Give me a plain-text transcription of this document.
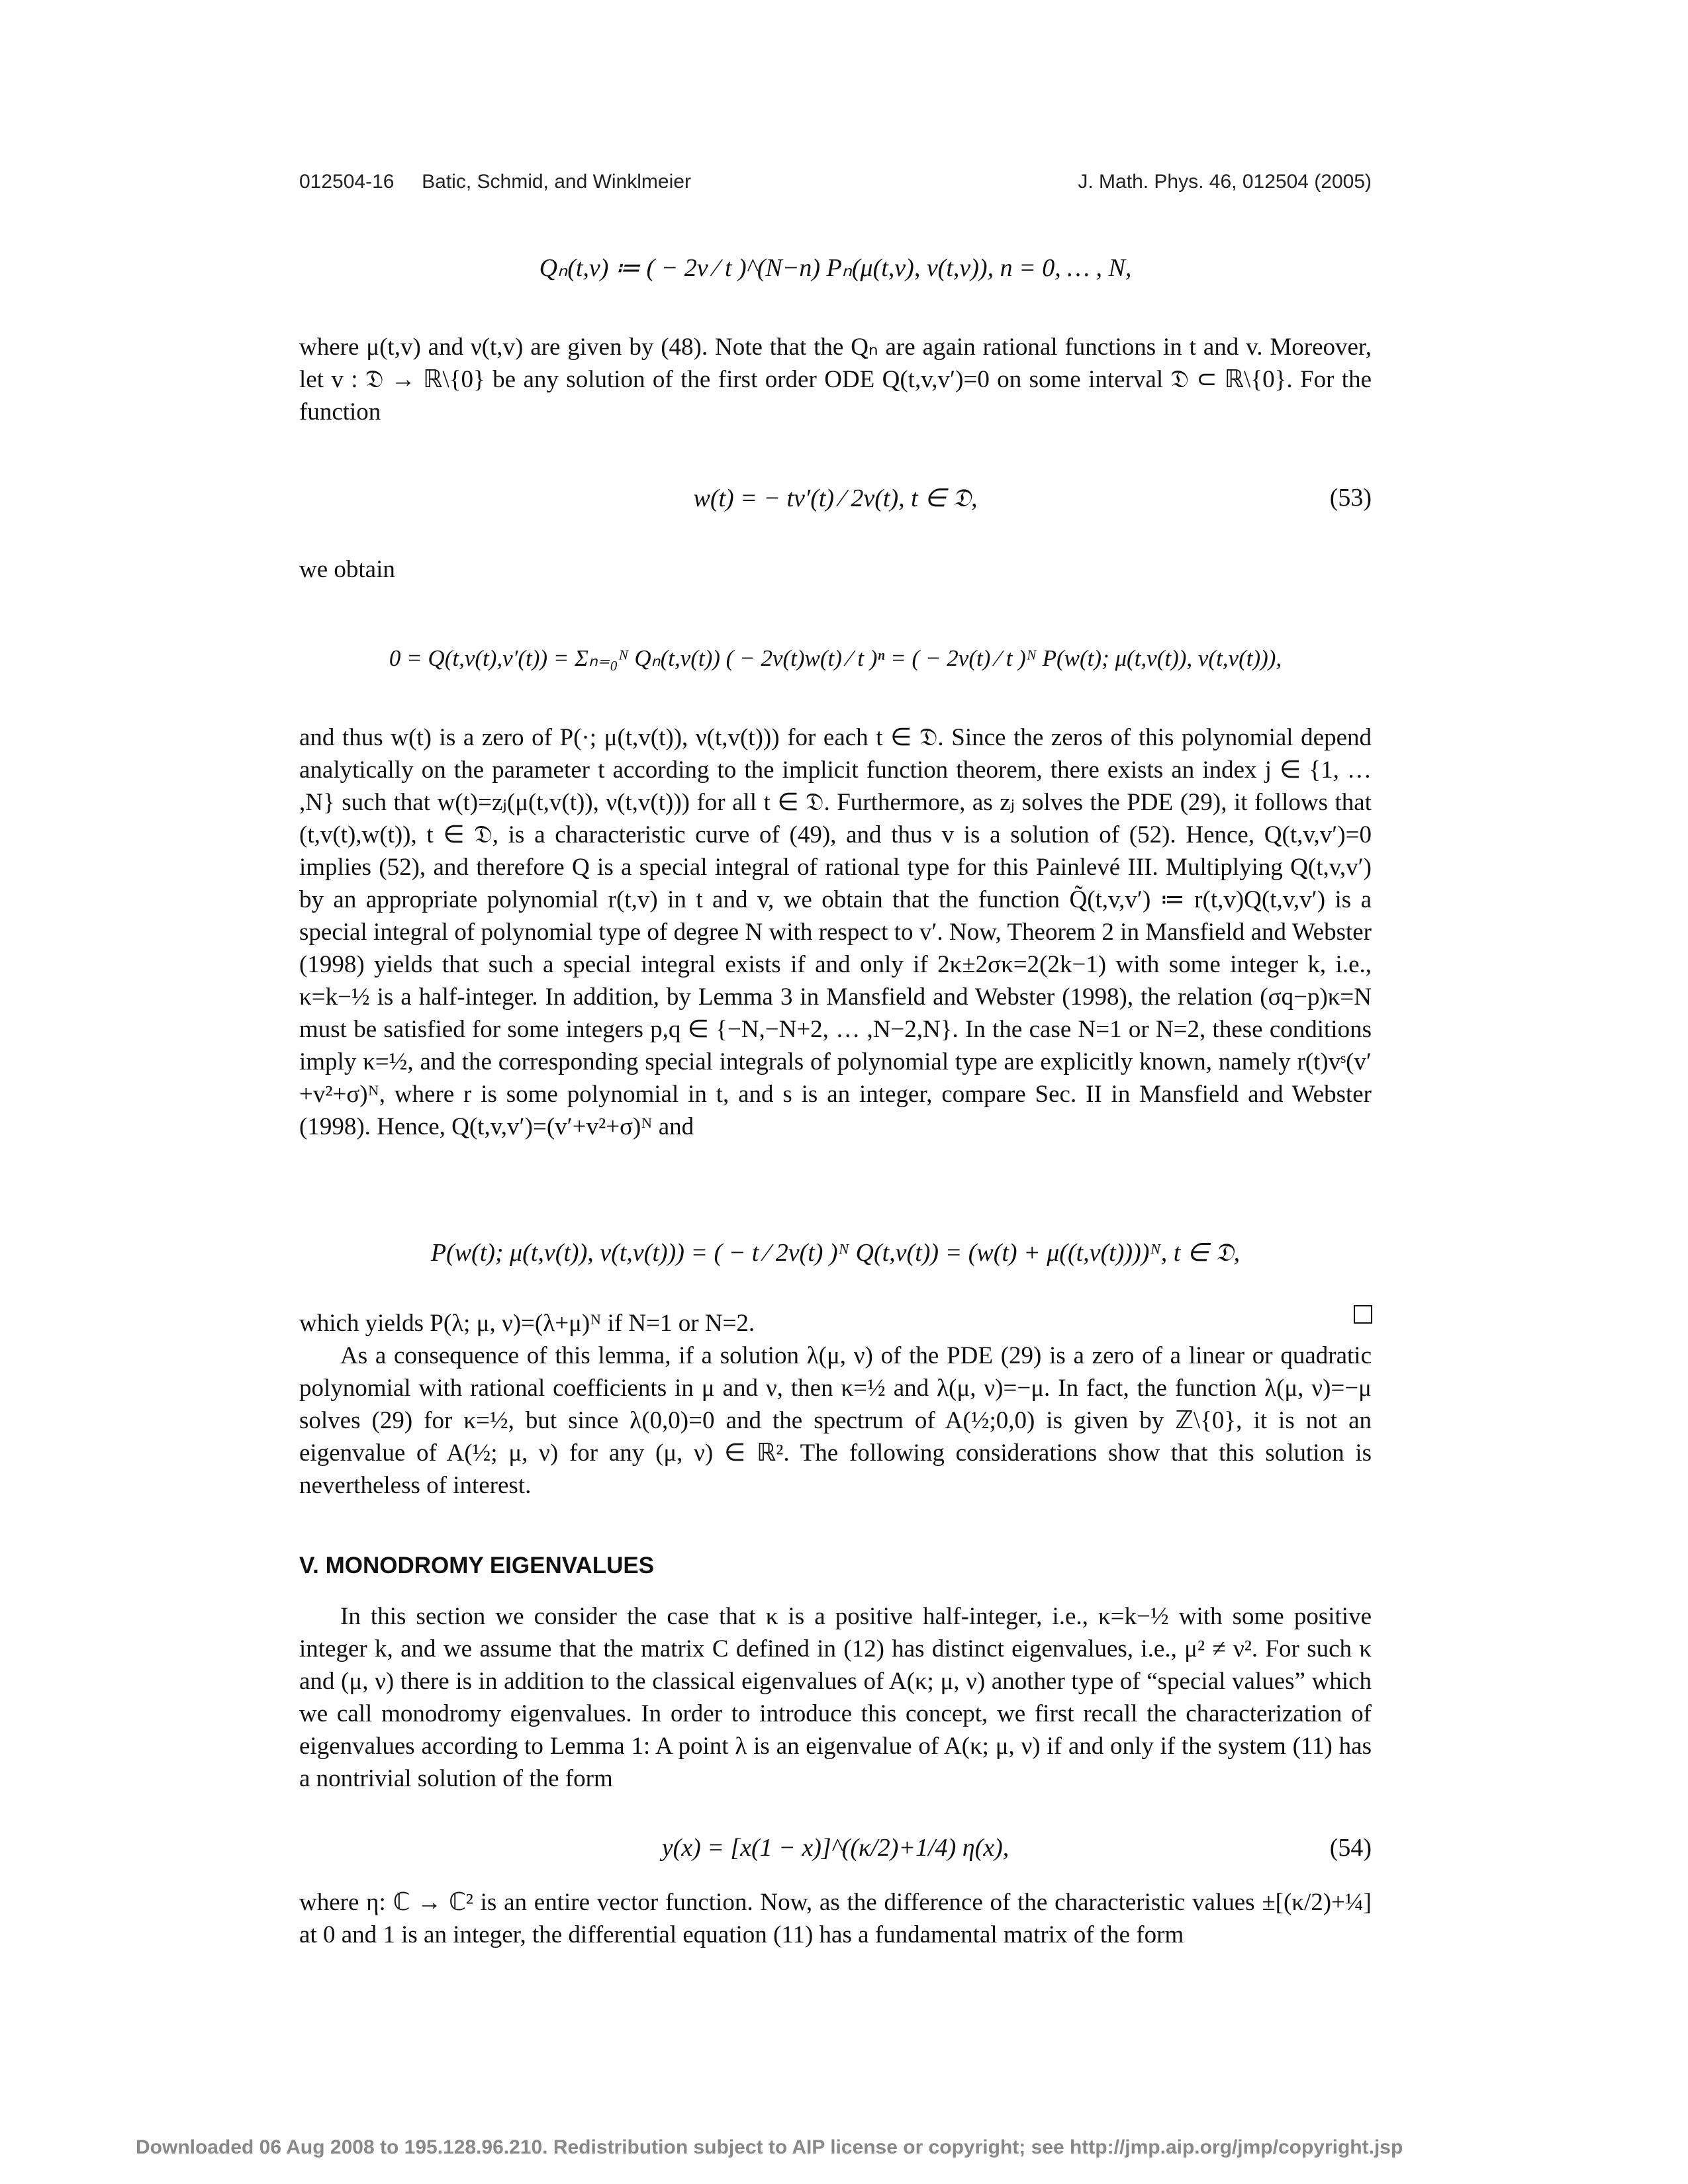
012504-16     Batic, Schmid, and Winklmeier	J. Math. Phys. 46, 012504 (2005)
Qₙ(t,v) ≔ ( − 2v ⁄ t )^(N−n) Pₙ(μ(t,v), ν(t,v)), n = 0, … , N,

where μ(t,v) and ν(t,v) are given by (48). Note that the Qₙ are again rational functions in t and v. Moreover, let v : 𝔇 → ℝ\{0} be any solution of the first order ODE Q(t,v,v′)=0 on some interval 𝔇 ⊂ ℝ\{0}. For the function

w(t) = − tv′(t) ⁄ 2v(t), t ∈ 𝔇,	(53)

we obtain

0 = Q(t,v(t),v′(t)) = Σₙ₌₀ᴺ Qₙ(t,v(t)) ( − 2v(t)w(t) ⁄ t )ⁿ = ( − 2v(t) ⁄ t )ᴺ P(w(t); μ(t,v(t)), ν(t,v(t))),

and thus w(t) is a zero of P(·; μ(t,v(t)), ν(t,v(t))) for each t ∈ 𝔇. Since the zeros of this polynomial depend analytically on the parameter t according to the implicit function theorem, there exists an index j ∈ {1, … ,N} such that w(t)=zⱼ(μ(t,v(t)), ν(t,v(t))) for all t ∈ 𝔇. Furthermore, as zⱼ solves the PDE (29), it follows that (t,v(t),w(t)), t ∈ 𝔇, is a characteristic curve of (49), and thus v is a solution of (52). Hence, Q(t,v,v′)=0 implies (52), and therefore Q is a special integral of rational type for this Painlevé III. Multiplying Q(t,v,v′) by an appropriate polynomial r(t,v) in t and v, we obtain that the function Q̃(t,v,v′) ≔ r(t,v)Q(t,v,v′) is a special integral of polynomial type of degree N with respect to v′. Now, Theorem 2 in Mansfield and Webster (1998) yields that such a special integral exists if and only if 2κ±2σκ=2(2k−1) with some integer k, i.e., κ=k−½ is a half-integer. In addition, by Lemma 3 in Mansfield and Webster (1998), the relation (σq−p)κ=N must be satisfied for some integers p,q ∈ {−N,−N+2, … ,N−2,N}. In the case N=1 or N=2, these conditions imply κ=½, and the corresponding special integrals of polynomial type are explicitly known, namely r(t)vˢ(v′+v²+σ)ᴺ, where r is some polynomial in t, and s is an integer, compare Sec. II in Mansfield and Webster (1998). Hence, Q(t,v,v′)=(v′+v²+σ)ᴺ and

P(w(t); μ(t,v(t)), ν(t,v(t))) = ( − t ⁄ 2v(t) )ᴺ Q(t,v(t)) = (w(t) + μ((t,v(t))))ᴺ, t ∈ 𝔇,

which yields P(λ; μ, ν)=(λ+μ)ᴺ if N=1 or N=2.

As a consequence of this lemma, if a solution λ(μ, ν) of the PDE (29) is a zero of a linear or quadratic polynomial with rational coefficients in μ and ν, then κ=½ and λ(μ, ν)=−μ. In fact, the function λ(μ, ν)=−μ solves (29) for κ=½, but since λ(0,0)=0 and the spectrum of A(½;0,0) is given by ℤ\{0}, it is not an eigenvalue of A(½; μ, ν) for any (μ, ν) ∈ ℝ². The following considerations show that this solution is nevertheless of interest.

V. MONODROMY EIGENVALUES

In this section we consider the case that κ is a positive half-integer, i.e., κ=k−½ with some positive integer k, and we assume that the matrix C defined in (12) has distinct eigenvalues, i.e., μ² ≠ ν². For such κ and (μ, ν) there is in addition to the classical eigenvalues of A(κ; μ, ν) another type of “special values” which we call monodromy eigenvalues. In order to introduce this concept, we first recall the characterization of eigenvalues according to Lemma 1: A point λ is an eigenvalue of A(κ; μ, ν) if and only if the system (11) has a nontrivial solution of the form

y(x) = [x(1 − x)]^((κ/2)+1/4) η(x),	(54)

where η: ℂ → ℂ² is an entire vector function. Now, as the difference of the characteristic values ±[(κ/2)+¼] at 0 and 1 is an integer, the differential equation (11) has a fundamental matrix of the form

Downloaded 06 Aug 2008 to 195.128.96.210. Redistribution subject to AIP license or copyright; see http://jmp.aip.org/jmp/copyright.jsp
